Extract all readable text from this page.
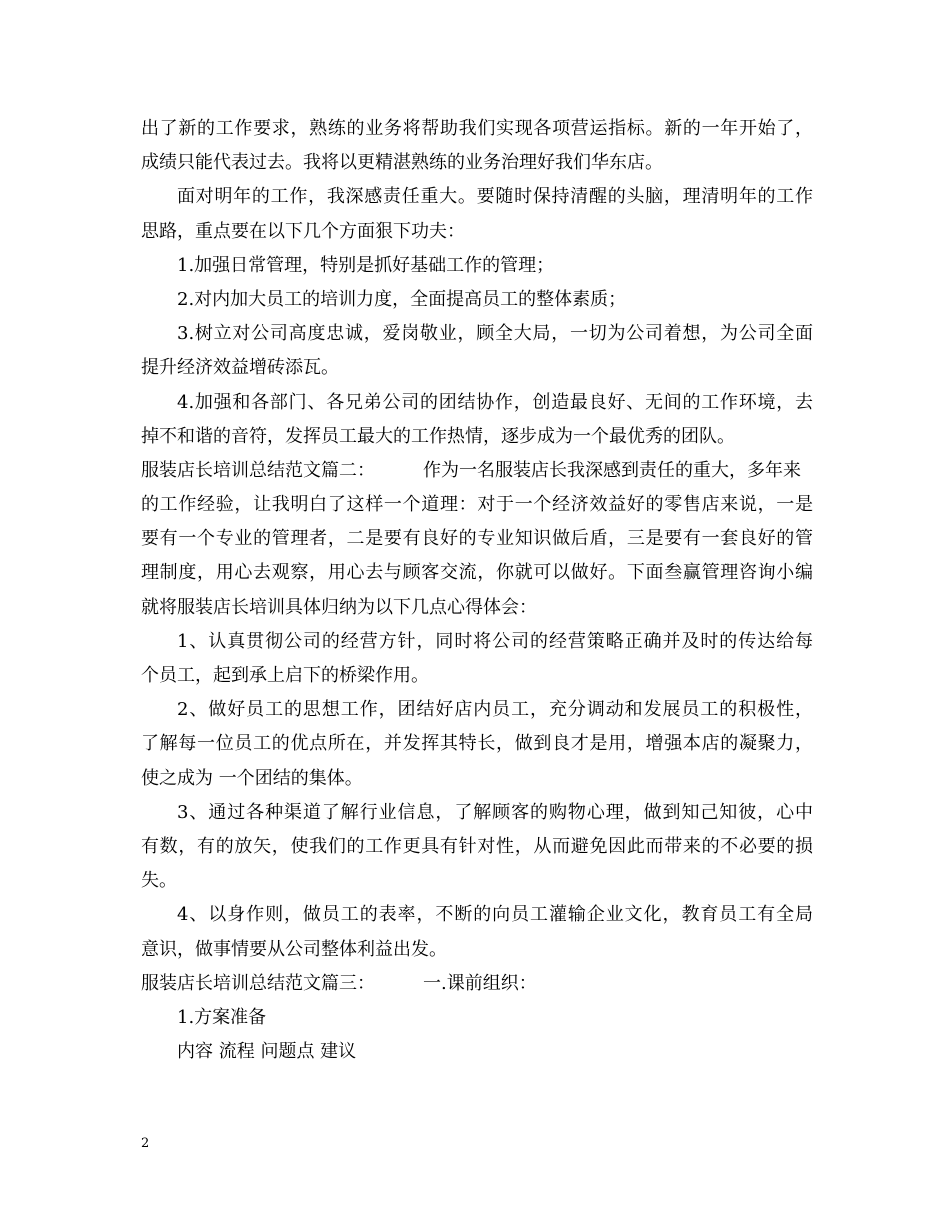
出了新的工作要求，熟练的业务将帮助我们实现各项营运指标。新的一年开始了，
成绩只能代表过去。我将以更精湛熟练的业务治理好我们华东店。
面对明年的工作，我深感责任重大。要随时保持清醒的头脑，理清明年的工作
思路，重点要在以下几个方面狠下功夫：
1.加强日常管理，特别是抓好基础工作的管理；
2.对内加大员工的培训力度，全面提高员工的整体素质；
3.树立对公司高度忠诚，爱岗敬业，顾全大局，一切为公司着想，为公司全面
提升经济效益增砖添瓦。
4.加强和各部门、各兄弟公司的团结协作，创造最良好、无间的工作环境，去
掉不和谐的音符，发挥员工最大的工作热情，逐步成为一个最优秀的团队。
服装店长培训总结范文篇二：	作为一名服装店长我深感到责任的重大，多年来
的工作经验，让我明白了这样一个道理：对于一个经济效益好的零售店来说，一是
要有一个专业的管理者，二是要有良好的专业知识做后盾，三是要有一套良好的管
理制度，用心去观察，用心去与顾客交流，你就可以做好。下面叁赢管理咨询小编
就将服装店长培训具体归纳为以下几点心得体会：
1、认真贯彻公司的经营方针，同时将公司的经营策略正确并及时的传达给每
个员工，起到承上启下的桥梁作用。
2、做好员工的思想工作，团结好店内员工，充分调动和发展员工的积极性，
了解每一位员工的优点所在，并发挥其特长，做到良才是用，增强本店的凝聚力，
使之成为 一个团结的集体。
3、通过各种渠道了解行业信息，了解顾客的购物心理，做到知己知彼，心中
有数，有的放矢，使我们的工作更具有针对性，从而避免因此而带来的不必要的损
失。
4、以身作则，做员工的表率，不断的向员工灌输企业文化，教育员工有全局
意识，做事情要从公司整体利益出发。
服装店长培训总结范文篇三：	一.课前组织：
1.方案准备
内容 流程 问题点 建议
2
